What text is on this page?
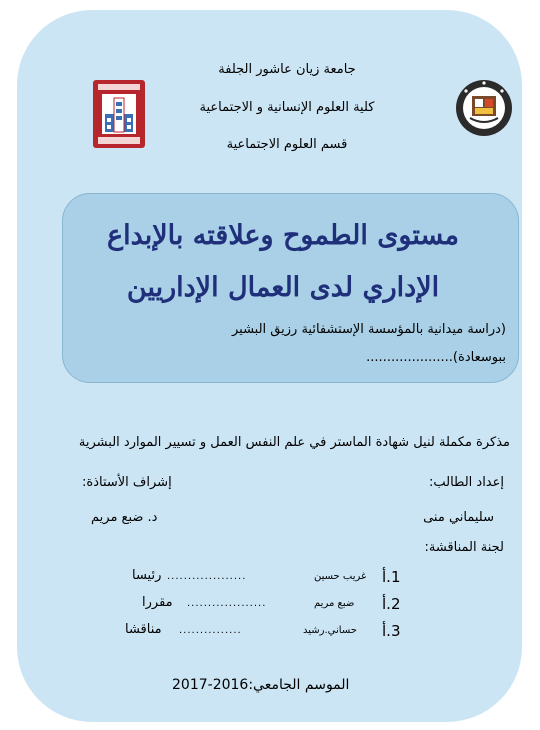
جامعة زيان عاشور الجلفة
كلية العلوم الإنسانية و الاجتماعية
قسم العلوم الاجتماعية
مستوى الطموح وعلاقته بالإبداع
الإداري لدى العمال الإداريين
(دراسة ميدانية بالمؤسسة الإستشفائية رزيق البشير
ببوسعادة).....................
مذكرة مكملة لنيل شهادة الماستر في علم النفس العمل و تسيير الموارد البشرية
إعداد الطالب:
إشراف الأستاذة:
سليماني منى
د. ضبع مريم
لجنة المناقشة:
1.أ
غريب حسين
...................
رئيسا
2.أ
ضبع مريم
...................
مقررا
3.أ
حساني.رشيد
...............
مناقشا
الموسم الجامعي:2016-2017
